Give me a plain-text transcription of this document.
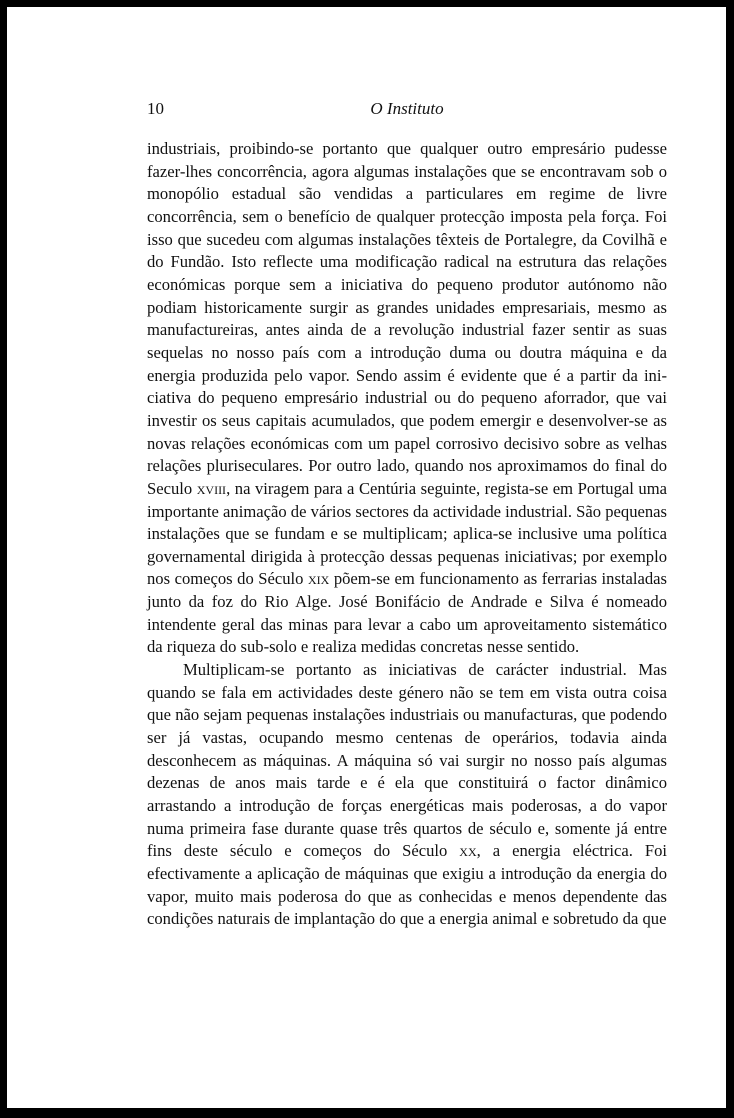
10	O Instituto

industriais, proibindo-se portanto que qualquer outro empresário pudesse fazer-lhes concorrência, agora algumas instalações que se encontravam sob o monopólio estadual são vendidas a particulares em regime de livre concorrência, sem o benefício de qualquer protecção imposta pela força. Foi isso que sucedeu com algumas instalações têxteis de Portalegre, da Covilhã e do Fundão. Isto reflecte uma modificação radical na estrutura das relações económicas porque sem a iniciativa do pequeno produtor autónomo não podiam historicamente surgir as grandes unidades empresariais, mesmo as manufactureiras, antes ainda de a revolução industrial fazer sentir as suas sequelas no nosso país com a introdução duma ou doutra máquina e da energia produzida pelo vapor. Sendo assim é evidente que é a partir da iniciativa do pequeno empresário industrial ou do pequeno aforrador, que vai investir os seus capitais acumulados, que podem emergir e desenvolver-se as novas relações económicas com um papel corrosivo decisivo sobre as velhas relações pluriseculares. Por outro lado, quando nos aproximamos do final do Seculo xviii, na viragem para a Centúria seguinte, regista-se em Portugal uma importante animação de vários sectores da actividade industrial. São pequenas instalações que se fundam e se multiplicam; aplica-se inclusive uma política governamental dirigida à protecção dessas pequenas iniciativas; por exemplo nos começos do Século xix põem-se em funcionamento as ferrarias instaladas junto da foz do Rio Alge. José Bonifácio de Andrade e Silva é nomeado intendente geral das minas para levar a cabo um aproveitamento sistemático da riqueza do sub-solo e realiza medidas concretas nesse sentido.

Multiplicam-se portanto as iniciativas de carácter industrial. Mas quando se fala em actividades deste género não se tem em vista outra coisa que não sejam pequenas instalações industriais ou manufacturas, que podendo ser já vastas, ocupando mesmo centenas de operários, todavia ainda desconhecem as máquinas. A máquina só vai surgir no nosso país algumas dezenas de anos mais tarde e é ela que constituirá o factor dinâmico arrastando a introdução de forças energéticas mais poderosas, a do vapor numa primeira fase durante quase três quartos de século e, somente já entre fins deste século e começos do Século xx, a energia eléctrica. Foi efectivamente a aplicação de máquinas que exigiu a introdução da energia do vapor, muito mais poderosa do que as conhecidas e menos dependente das condições naturais de implantação do que a energia animal e sobretudo da que
